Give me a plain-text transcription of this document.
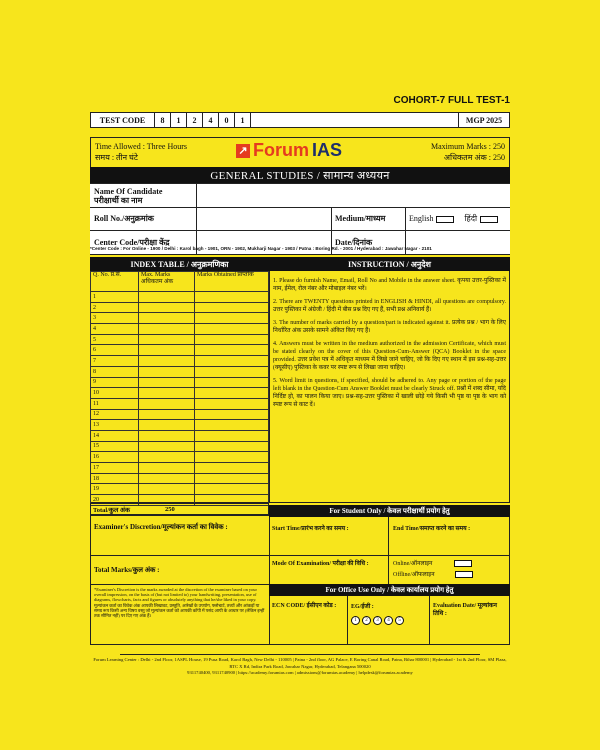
COHORT-7 FULL TEST-1
TEST CODE	8	1	2	4	0	1	MGP 2025
Time Allowed : Three Hours
समय : तीन घंटे
↗ Forum IAS	Maximum Marks : 250
अधिकतम अंक : 250
GENERAL STUDIES / सामान्य अध्ययन
Name Of Candidate
परीक्षार्थी का नाम
Roll No./अनुक्रमांक	Medium/माध्यम	English	हिंदी
Center Code/परीक्षा केंद्र	Date/दिनांक
*Center Code : For Online - 1900 / Delhi : Karol bagh - 1901, ORN - 1902, Mukharji Nagar - 1903 / Patna : Boring Rd. - 2001 / Hyderabad : Jawahar Nagar - 2101
INDEX TABLE / अनुक्रमणिका
Q. No. प्र.सं.	Max. Marks अधिकतम अंक	Marks Obtained प्राप्तांक
1		
2		
3		
4		
5		
6		
7		
8		
9		
10		
11		
12		
13		
14		
15		
16		
17		
18		
19		
20		
Total/कुल अंक	250
INSTRUCTION / अनुदेश

1. Please do furnish Name, Email, Roll No and Mobile in the answer sheet. कृपया उत्तर-पुस्तिका में नाम, ईमेल, रोल नंबर और मोबाइल नंबर भरें।

2. There are TWENTY questions printed in ENGLISH & HINDI, all questions are compulsory. उत्तर पुस्तिका में अंग्रेजी / हिंदी में बीस प्रश्न दिए गए हैं, सभी प्रश्न अनिवार्य हैं।

3. The number of marks carried by a question/part is indicated against it. प्रत्येक प्रश्न / भाग के लिए निर्धारित अंक उसके सामने अंकित किए गए हैं।

4. Answers must be written in the medium authorized in the admission Certificate, which must be stated clearly on the cover of this Question-Cum-Answer (QCA) Booklet in the space provided. उत्तर प्रवेश पत्र में अधिकृत माध्यम में लिखे जाने चाहिए, जो कि दिए गए स्थान में इस प्रश्न-सह-उत्तर (क्यूसीए) पुस्तिका के कवर पर स्पष्ट रूप से लिखा जाना चाहिए।

5. Word limit in questions, if specified, should be adhered to. Any page or portion of the page left blank in the Question-Cum Answer Booklet must be clearly Struck off. प्रश्नों में शब्द सीमा, यदि निर्दिष्ट हो, का पालन किया जाए। प्रश्न-सह-उत्तर पुस्तिका में खाली छोड़े गये किसी भी पृष्ठ या पृष्ठ के भाग को स्पष्ट रूप से काट दें।

Examiner's Discretion/मूल्यांकन कर्ता का विवेक :
For Student Only / केवल परीक्षार्थी प्रयोग हेतु
Start Time/प्रारंभ करने का समय :	End Time/समाप्त करने का समय :
Total Marks/कुल अंक :
Mode Of Examination/ परीक्षा की विधि :	Online/ऑनलाइन
Offline/ऑफलाइन
For Office Use Only / केवल कार्यालय प्रयोग हेतु
*Examiner's Discretion is the marks awarded at the discretion of the examiner based on your overall impression, on the basis of (but not limited to) your handwriting, presentation, use of diagrams, flowcharts, facts and figures or absolutely anything that he/she liked in your copy. मूल्यांकन कर्ता का विवेक अंक आपकी लिखावट, प्रस्तुति, आरेखों के उपयोग, फ्लोचार्ट, तथ्यों और आंकड़ों या समग्र रूप किसी अन्य विषय वस्तु जो मूल्यांकन कर्ता को आपकी कॉपी में पसंद आयी के आधार पर (लेकिन इन्हीं तक सीमित नहीं) पर दिए गए अंक हैं।
ECN CODE/ ईसीएन कोड :	EG/ईजी :
1	2	3	4	5
Evaluation Date/ मूल्यांकन तिथि :
Forum Learning Center : Delhi - 2nd Floor, 1ASPL House, 19 Pusa Road, Karol Bagh, New Delhi - 110005 | Patna - 2nd floor, AG Palace, E Boring Canal Road, Patna, Bihar 800001 | Hyderabad - 1st & 2nd Floor, SM Plaza, RTC X Rd, Indira Park Road, Jawahar Nagar, Hyderabad, Telangana 500020
9311740400, 9311740900 | https://academy.forumias.com | admissions@forumias.academy | helpdesk@forumias.academy
